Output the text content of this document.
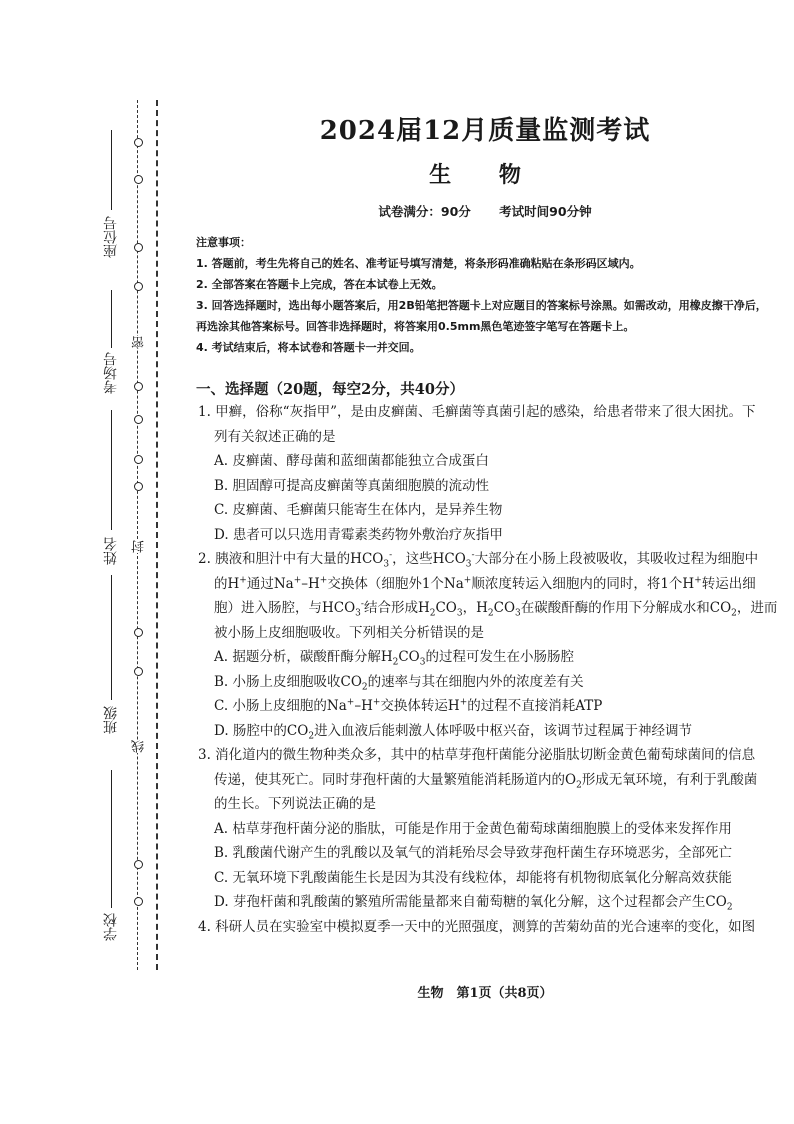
密
封
线
座位号
考场号
姓名
班级
学校
2024届12月质量监测考试
生 物
试卷满分：90分 考试时间90分钟

注意事项：

1. 答题前，考生先将自己的姓名、准考证号填写清楚，将条形码准确粘贴在条形码区域内。

2. 全部答案在答题卡上完成，答在本试卷上无效。

3. 回答选择题时，选出每小题答案后，用2B铅笔把答题卡上对应题目的答案标号涂黑。如需改动，用橡皮擦干净后，

再选涂其他答案标号。回答非选择题时，将答案用0.5mm黑色笔迹签字笔写在答题卡上。

4. 考试结束后，将本试卷和答题卡一并交回。

一、选择题（20题，每空2分，共40分）

1. 甲癣，俗称“灰指甲”，是由皮癣菌、毛癣菌等真菌引起的感染，给患者带来了很大困扰。下

列有关叙述正确的是

A. 皮癣菌、酵母菌和蓝细菌都能独立合成蛋白

B. 胆固醇可提高皮癣菌等真菌细胞膜的流动性

C. 皮癣菌、毛癣菌只能寄生在体内，是异养生物

D. 患者可以只选用青霉素类药物外敷治疗灰指甲

2. 胰液和胆汁中有大量的$HCO_3^-$，这些$HCO_3^-$大部分在小肠上段被吸收，其吸收过程为细胞中

的H+通过Na+–H+交换体（细胞外1个Na+顺浓度转运入细胞内的同时，将1个H+转运出细

胞）进入肠腔，与$HCO_3^-$结合形成$H_2CO_3$，$H_2CO_3$在碳酸酐酶的作用下分解成水和$CO_2$，进而

被小肠上皮细胞吸收。下列相关分析错误的是

A. 据题分析，碳酸酐酶分解$H_2CO_3$的过程可发生在小肠肠腔

B. 小肠上皮细胞吸收$CO_2$的速率与其在细胞内外的浓度差有关

C. 小肠上皮细胞的Na+–H+交换体转运H+的过程不直接消耗ATP

D. 肠腔中的$CO_2$进入血液后能刺激人体呼吸中枢兴奋，该调节过程属于神经调节

3. 消化道内的微生物种类众多，其中的枯草芽孢杆菌能分泌脂肽切断金黄色葡萄球菌间的信息

传递，使其死亡。同时芽孢杆菌的大量繁殖能消耗肠道内的$O_2$形成无氧环境，有利于乳酸菌

的生长。下列说法正确的是

A. 枯草芽孢杆菌分泌的脂肽，可能是作用于金黄色葡萄球菌细胞膜上的受体来发挥作用

B. 乳酸菌代谢产生的乳酸以及氧气的消耗殆尽会导致芽孢杆菌生存环境恶劣，全部死亡

C. 无氧环境下乳酸菌能生长是因为其没有线粒体，却能将有机物彻底氧化分解高效获能

D. 芽孢杆菌和乳酸菌的繁殖所需能量都来自葡萄糖的氧化分解，这个过程都会产生$CO_2$

4. 科研人员在实验室中模拟夏季一天中的光照强度，测算的苦菊幼苗的光合速率的变化，如图

生物　第1页（共8页）
